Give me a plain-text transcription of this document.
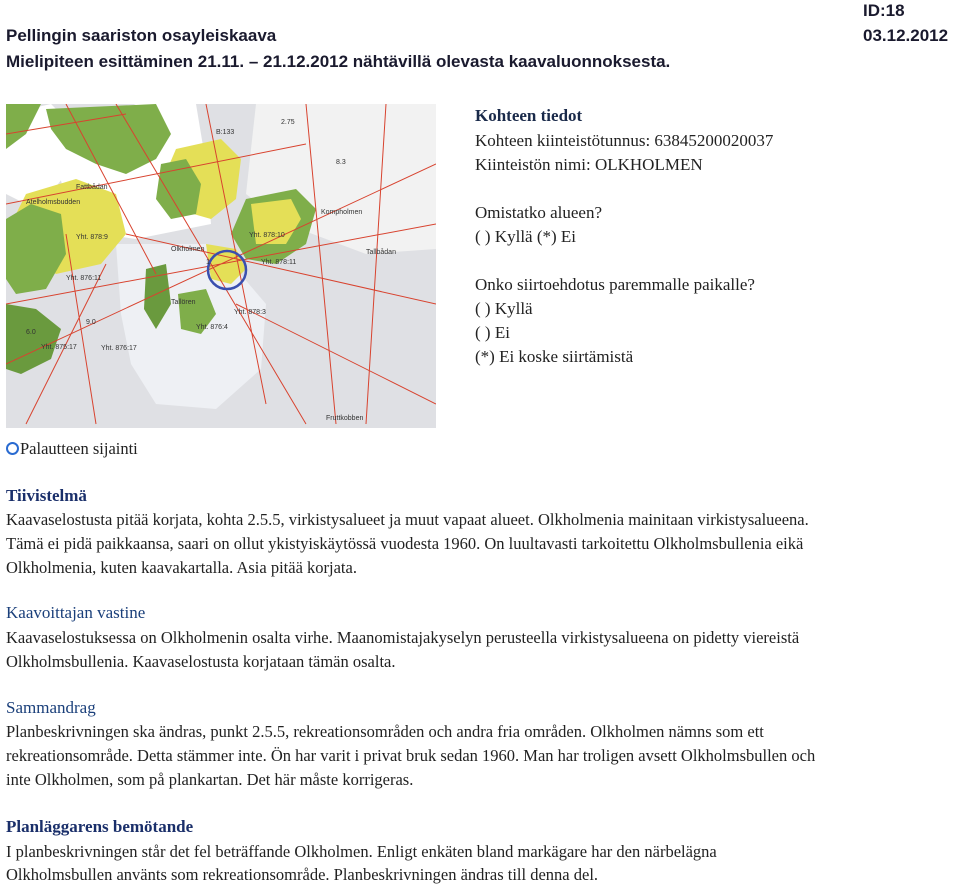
Pellingin saariston osayleiskaava
Mielipiteen esittäminen 21.11. – 21.12.2012 nähtävillä olevasta kaavaluonnoksesta.
ID:18
03.12.2012
Atelholmsbudden
Yht. 878:9	Yht. 878:10
Yht. 878:11
Yht. 876:11
Yht. 878:3
Yht. 876:4
Yht. 876:17
Yht. 875:17
Tallören
Olkholmen
Kompholmen
Fattbådan
Fruttkobben
Tallbådan
B:133
6.0
2.75
8.3
9.0
1
Kohteen tiedot
Kohteen kiinteistötunnus: 63845200020037
Kiinteistön nimi: OLKHOLMEN
Omistatko alueen?
( ) Kyllä (*) Ei
Onko siirtoehdotus paremmalle paikalle?
( ) Kyllä
( ) Ei
(*) Ei koske siirtämistä
Palautteen sijainti
Tiivistelmä
Kaavaselostusta pitää korjata, kohta 2.5.5, virkistysalueet ja muut vapaat alueet. Olkholmenia mainitaan virkistysalueena.
Tämä ei pidä paikkaansa, saari on ollut ykistyiskäytössä vuodesta 1960. On luultavasti tarkoitettu Olkholmsbullenia eikä
Olkholmenia, kuten kaavakartalla. Asia pitää korjata.
Kaavoittajan vastine
Kaavaselostuksessa on Olkholmenin osalta virhe. Maanomistajakyselyn perusteella virkistysalueena on pidetty viereistä
Olkholmsbullenia. Kaavaselostusta korjataan tämän osalta.
Sammandrag
Planbeskrivningen ska ändras, punkt 2.5.5, rekreationsområden och andra fria områden. Olkholmen nämns som ett
rekreationsområde. Detta stämmer inte. Ön har varit i privat bruk sedan 1960. Man har troligen avsett Olkholmsbullen och
inte Olkholmen, som på plankartan. Det här måste korrigeras.
Planläggarens bemötande
I planbeskrivningen står det fel beträffande Olkholmen. Enligt enkäten bland markägare har den närbelägna
Olkholmsbullen använts som rekreationsområde. Planbeskrivningen ändras till denna del.
